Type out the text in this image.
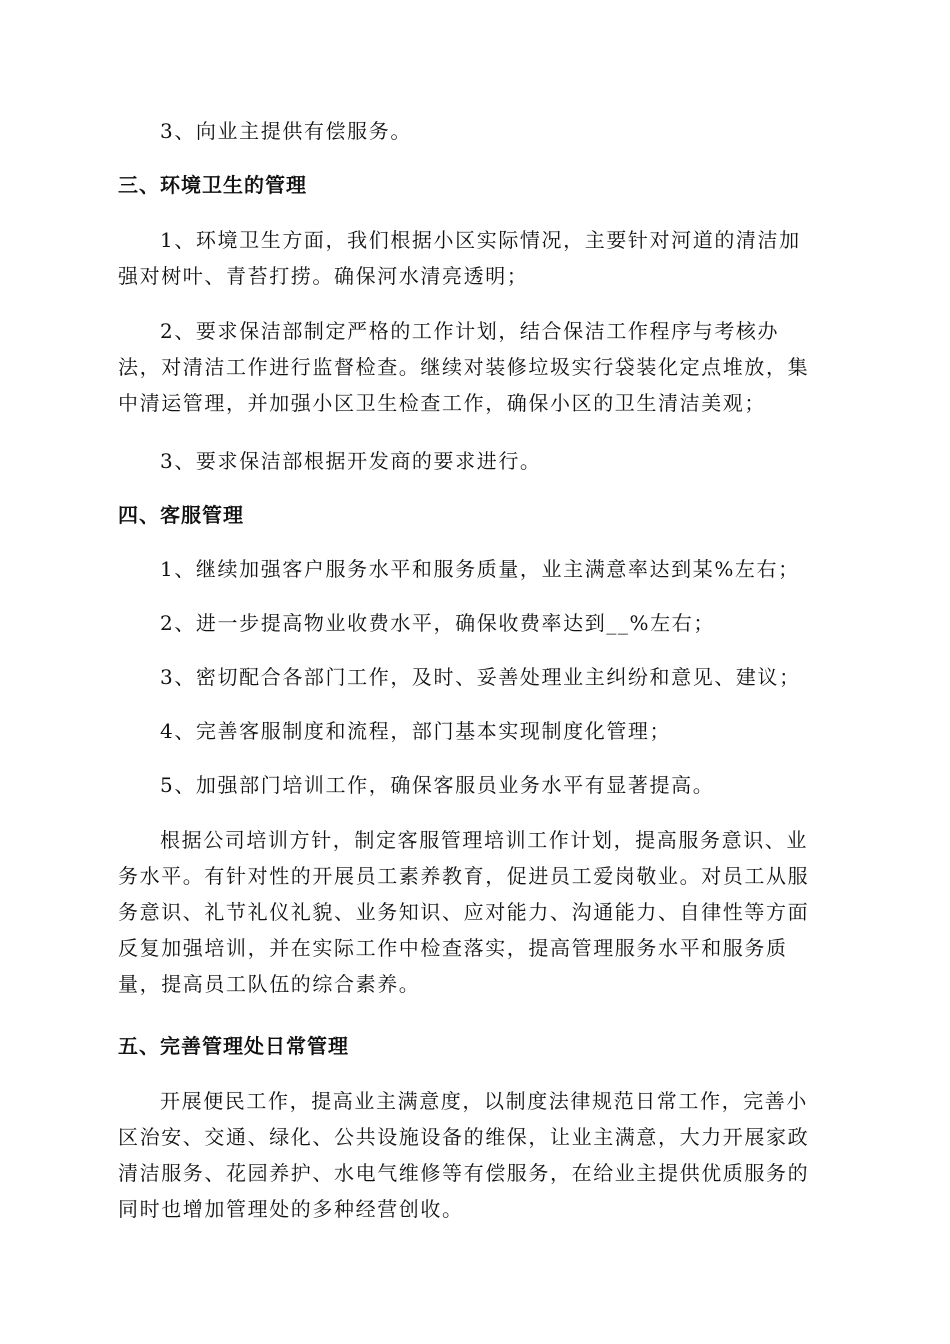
3、向业主提供有偿服务。
三、环境卫生的管理
1、环境卫生方面，我们根据小区实际情况，主要针对河道的清洁加
强对树叶、青苔打捞。确保河水清亮透明；
2、要求保洁部制定严格的工作计划，结合保洁工作程序与考核办
法，对清洁工作进行监督检查。继续对装修垃圾实行袋装化定点堆放，集
中清运管理，并加强小区卫生检查工作，确保小区的卫生清洁美观；
3、要求保洁部根据开发商的要求进行。
四、客服管理
1、继续加强客户服务水平和服务质量，业主满意率达到某%左右；
2、进一步提高物业收费水平，确保收费率达到__%左右；
3、密切配合各部门工作，及时、妥善处理业主纠纷和意见、建议；
4、完善客服制度和流程，部门基本实现制度化管理；
5、加强部门培训工作，确保客服员业务水平有显著提高。
根据公司培训方针，制定客服管理培训工作计划，提高服务意识、业
务水平。有针对性的开展员工素养教育，促进员工爱岗敬业。对员工从服
务意识、礼节礼仪礼貌、业务知识、应对能力、沟通能力、自律性等方面
反复加强培训，并在实际工作中检查落实，提高管理服务水平和服务质
量，提高员工队伍的综合素养。
五、完善管理处日常管理
开展便民工作，提高业主满意度，以制度法律规范日常工作，完善小
区治安、交通、绿化、公共设施设备的维保，让业主满意，大力开展家政
清洁服务、花园养护、水电气维修等有偿服务，在给业主提供优质服务的
同时也增加管理处的多种经营创收。
